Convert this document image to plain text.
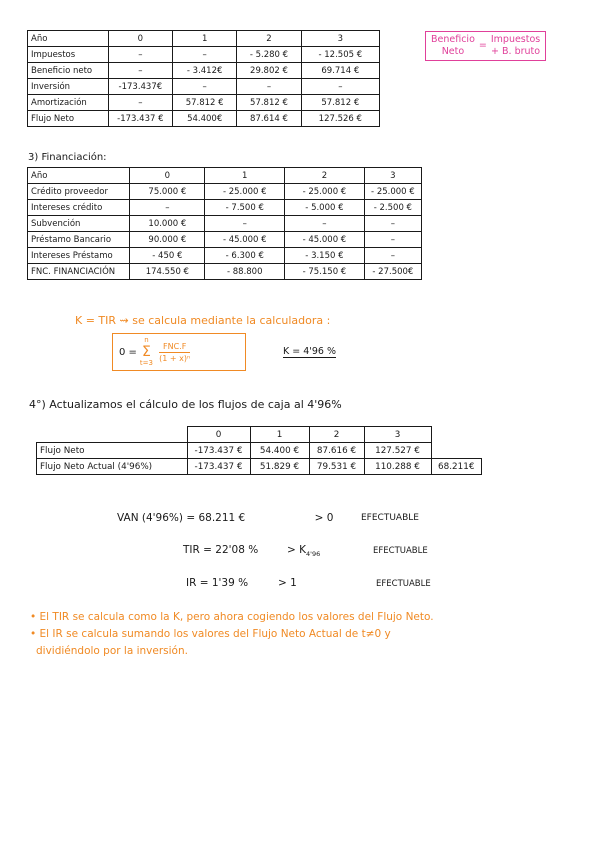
Año	0	1	2	3
Impuestos	–	–	- 5.280 €	- 12.505 €
Beneficio neto	–	- 3.412€	29.802 €	69.714 €
Inversión	-173.437€	–	–	–
Amortización	–	57.812 €	57.812 €	57.812 €
Flujo Neto	-173.437 €	54.400€	87.614 €	127.526 €
Beneficio
Neto
=
Impuestos
+ B. bruto
3) Financiación:
Año	0	1	2	3
Crédito proveedor	75.000 €	- 25.000 €	- 25.000 €	- 25.000 €
Intereses crédito	–	- 7.500 €	- 5.000 €	- 2.500 €
Subvención	10.000 €	–	–	–
Préstamo Bancario	90.000 €	- 45.000 €	- 45.000 €	–
Intereses Préstamo	- 450 €	- 6.300 €	- 3.150 €	–
FNC. FINANCIACIÓN	174.550 €	- 88.800	- 75.150 €	- 27.500€
K = TIR ⇝ se calcula mediante la calculadora :
0 =
n
Σ
t=3
FNC.F
(1 + x)ⁿ
K = 4'96 %
4°) Actualizamos el cálculo de los flujos de caja al 4'96%
	0	1	2	3	
Flujo Neto	-173.437 €	54.400 €	87.616 €	127.527 €	
Flujo Neto Actual (4'96%)	-173.437 €	51.829 €	79.531 €	110.288 €	68.211€
VAN (4'96%) = 68.211 €	> 0	EFECTUABLE
TIR = 22'08 %	> $K_{4'96}$	EFECTUABLE
IR = 1'39 %	> 1	EFECTUABLE
• El TIR se calcula como la K, pero ahora cogiendo los valores del Flujo Neto.
• El IR se calcula sumando los valores del Flujo Neto Actual de t≠0 y
dividiéndolo por la inversión.
